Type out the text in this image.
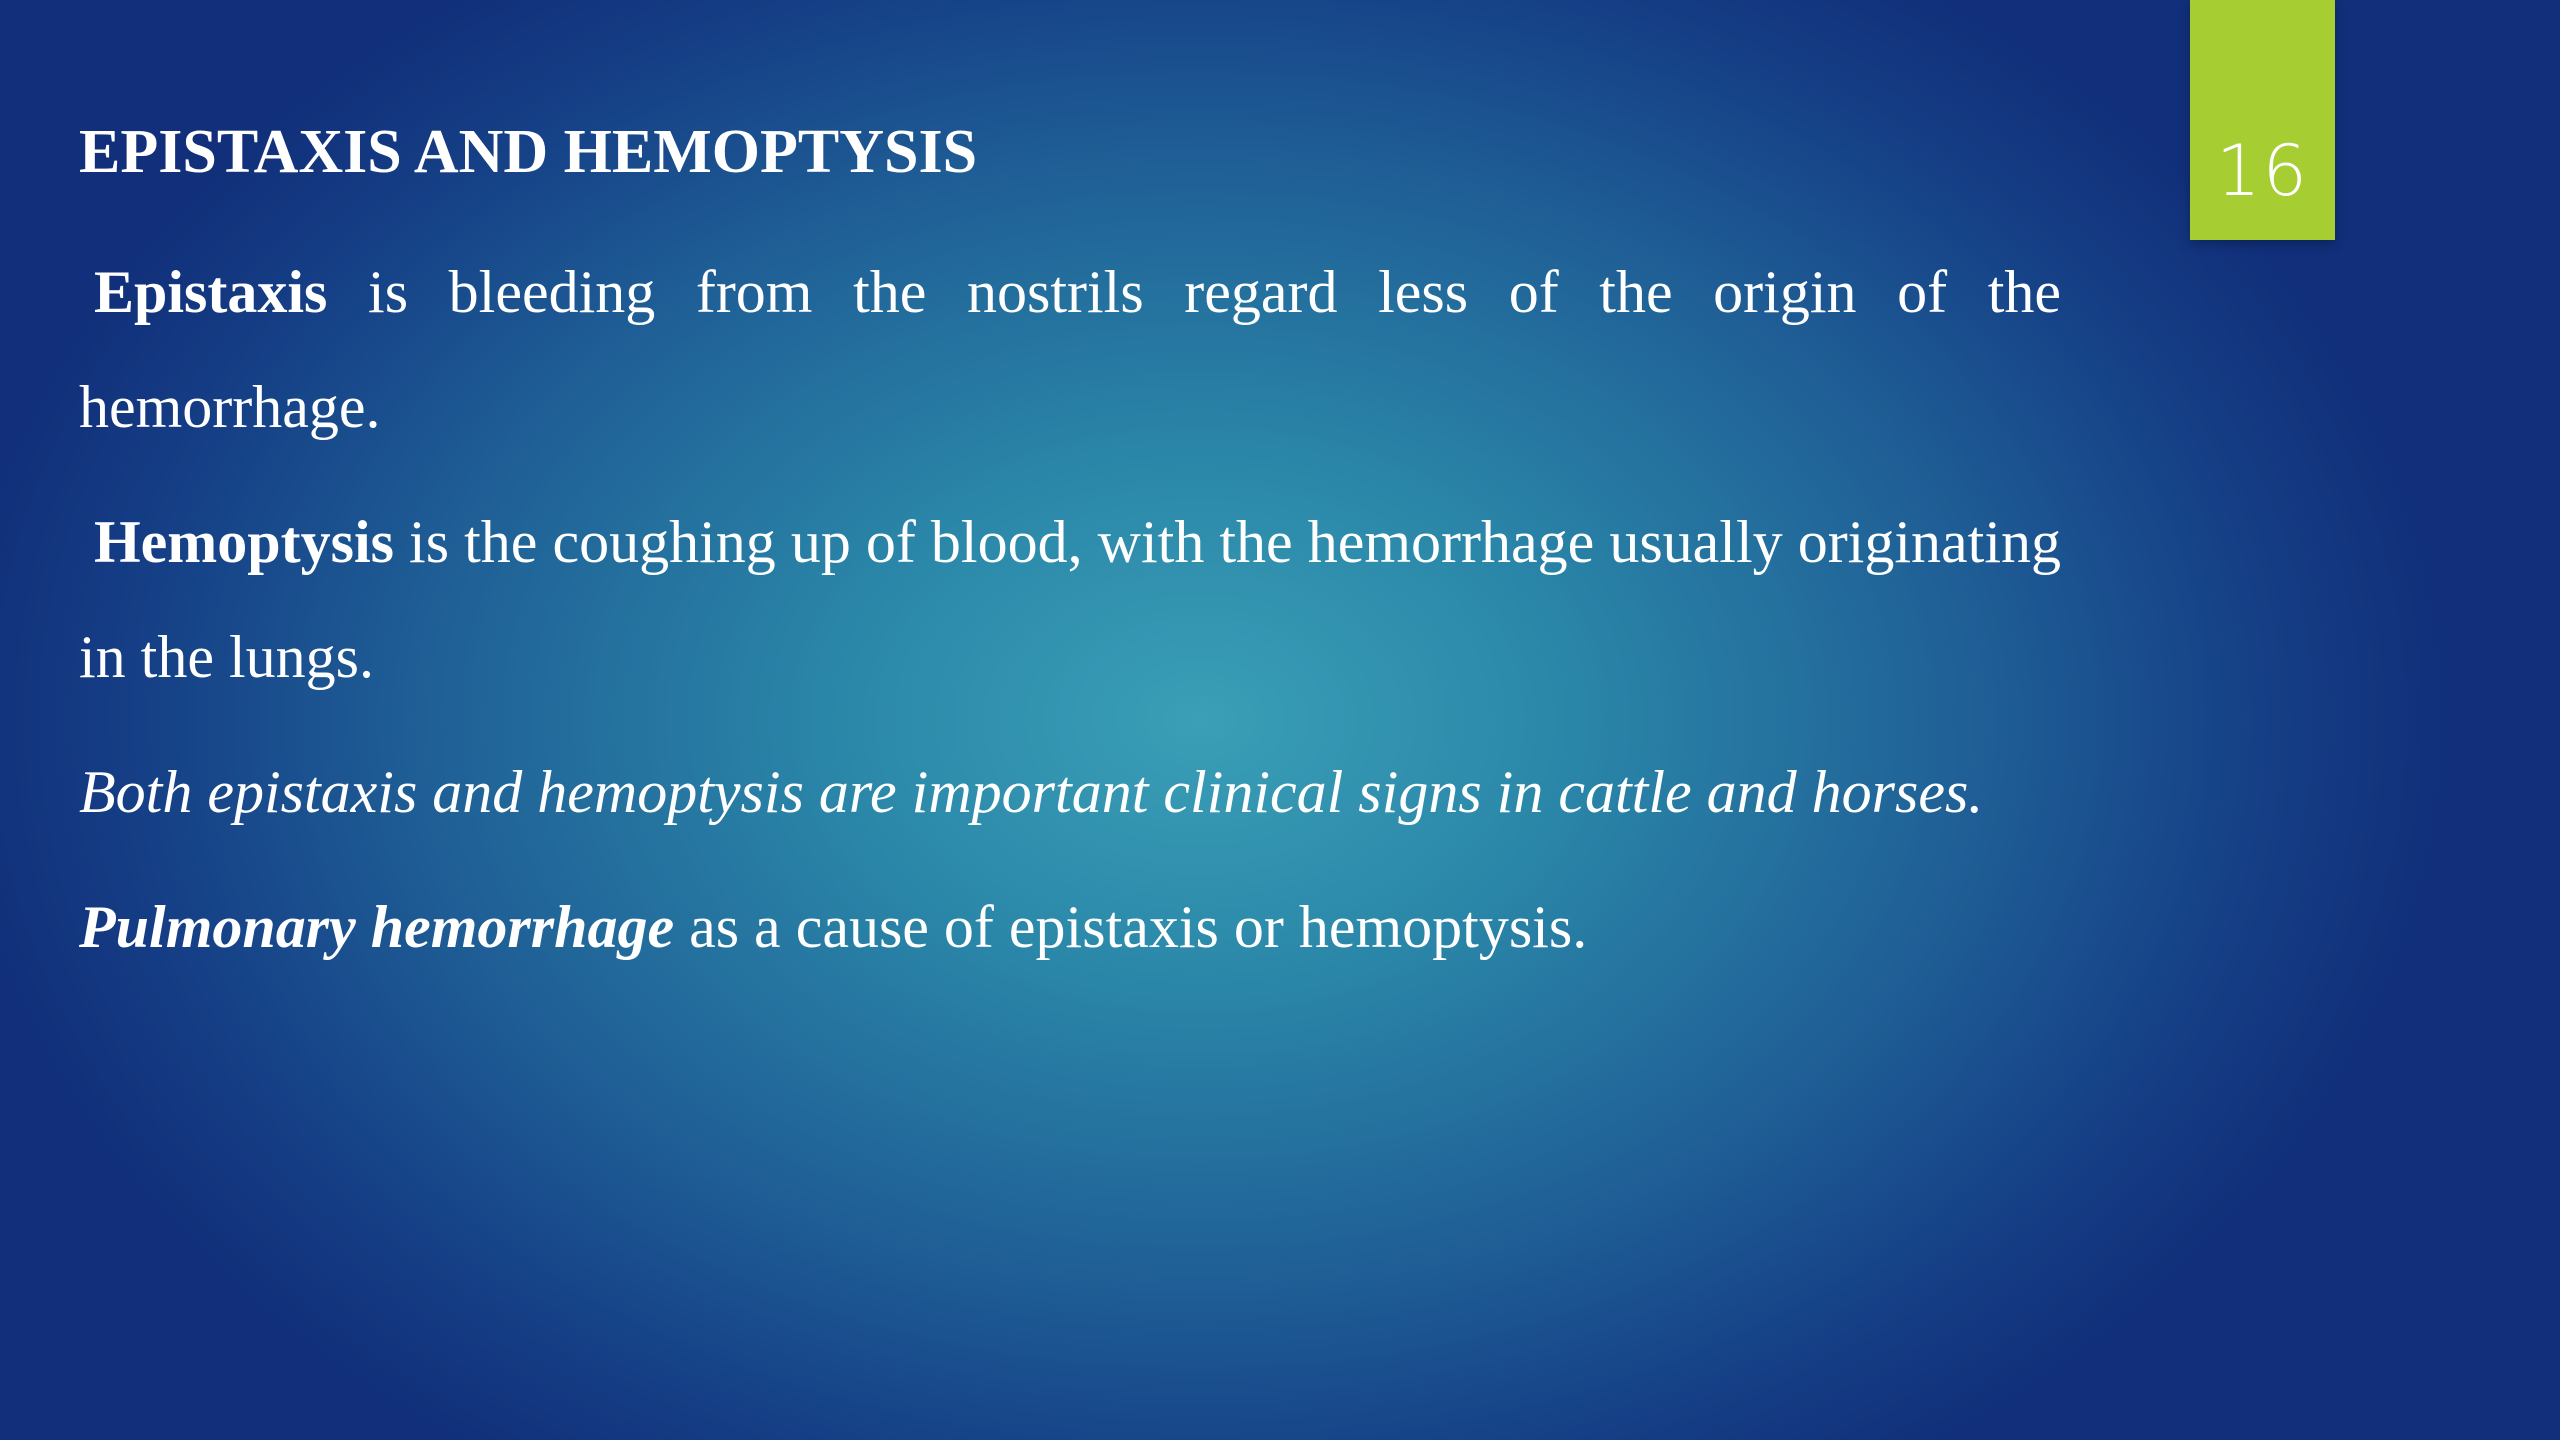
16
EPISTAXIS AND HEMOPTYSIS

Epistaxis is bleeding from the nostrils regard less of the origin of the hemorrhage.

Hemoptysis is the coughing up of blood, with the hemorrhage usually originating in the lungs.

Both epistaxis and hemoptysis are important clinical signs in cattle and horses.

Pulmonary hemorrhage as a cause of epistaxis or hemoptysis.
